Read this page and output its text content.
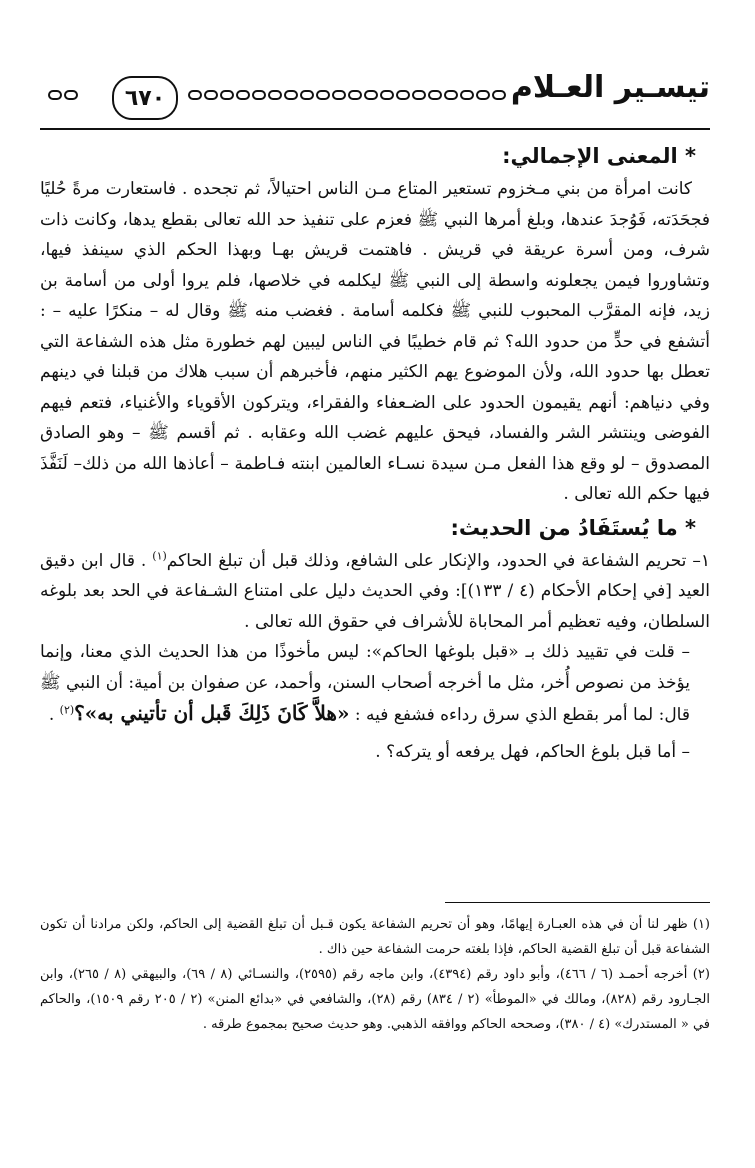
تيسـير العـلام
٦٧٠
* المعنى الإجمالي:

كانت امرأة من بني مـخزوم تستعير المتاع مـن الناس احتيالاً، ثم تجحده . فاستعارت مرةً حُليًا فجحَدَته، فَوُجدَ عندها، وبلغ أمرها النبي ﷺ فعزم على تنفيذ حد الله تعالى بقطع يدها، وكانت ذات شرف، ومن أسرة عريقة في قريش . فاهتمت قريش بهـا وبهذا الحكم الذي سينفذ فيها، وتشاوروا فيمن يجعلونه واسطة إلى النبي ﷺ ليكلمه في خلاصها، فلم يروا أولى من أسامة بن زيد، فإنه المقرَّب المحبوب للنبي ﷺ فكلمه أسامة . فغضب منه ﷺ وقال له – منكرًا عليه – : أتشفع في حدٍّ من حدود الله؟ ثم قام خطيبًا في الناس ليبين لهم خطورة مثل هذه الشفاعة التي تعطل بها حدود الله، ولأن الموضوع يهم الكثير منهم، فأخبرهم أن سبب هلاك من قبلنا في دينهم وفي دنياهم: أنهم يقيمون الحدود على الضـعفاء والفقراء، ويتركون الأقوياء والأغنياء، فتعم فيهم الفوضى وينتشر الشر والفساد، فيحق عليهم غضب الله وعقابه . ثم أقسم ﷺ – وهو الصادق المصدوق – لو وقع هذا الفعل مـن سيدة نسـاء العالمين ابنته فـاطمة – أعاذها الله من ذلك– لَنَفَّذَ فيها حكم الله تعالى .

* ما يُستَفَادُ من الحديث:

١– تحريم الشفاعة في الحدود، والإنكار على الشافع، وذلك قبل أن تبلغ الحاكم$^{(١)}$ . قال ابن دقيق العيد [في إحكام الأحكام (٤ / ١٣٣)]: وفي الحديث دليل على امتناع الشـفاعة في الحد بعد بلوغه السلطان، وفيه تعظيم أمر المحاباة للأشراف في حقوق الله تعالى .

– قلت في تقييد ذلك بـ «قبل بلوغها الحاكم»: ليس مأخوذًا من هذا الحديث الذي معنا، وإنما يؤخذ من نصوص أُخر، مثل ما أخرجه أصحاب السنن، وأحمد، عن صفوان بن أمية: أن النبي ﷺ قال: لما أمر بقطع الذي سرق رداءه فشفع فيه : «هلاَّ كَانَ ذَلِكَ قَبل أن تأتيني به»؟$^{(٢)}$ .

– أما قبل بلوغ الحاكم، فهل يرفعه أو يتركه؟ .

(١) ظهر لنا أن في هذه العبـارة إيهامًا، وهو أن تحريم الشفاعة يكون قـبل أن تبلغ القضية إلى الحاكم، ولكن مرادنا أن تكون الشفاعة قبل أن تبلغ القضية الحاكم، فإذا بلغته حرمت الشفاعة حين ذاك .

(٢) أخرجه أحمـد (٦ / ٤٦٦)، وأبو داود رقم (٤٣٩٤)، وابن ماجه رقم (٢٥٩٥)، والنسـائي (٨ / ٦٩)، والبيهقي (٨ / ٢٦٥)، وابن الجـارود رقم (٨٢٨)، ومالك في «الموطأ» (٢ / ٨٣٤) رقم (٢٨)، والشافعي في «بدائع المنن» (٢ / ٢٠٥ رقم ١٥٠٩)، والحاكم في « المستدرك» (٤ / ٣٨٠)، وصححه الحاكم ووافقه الذهبي. وهو حديث صحيح بمجموع طرقه .
